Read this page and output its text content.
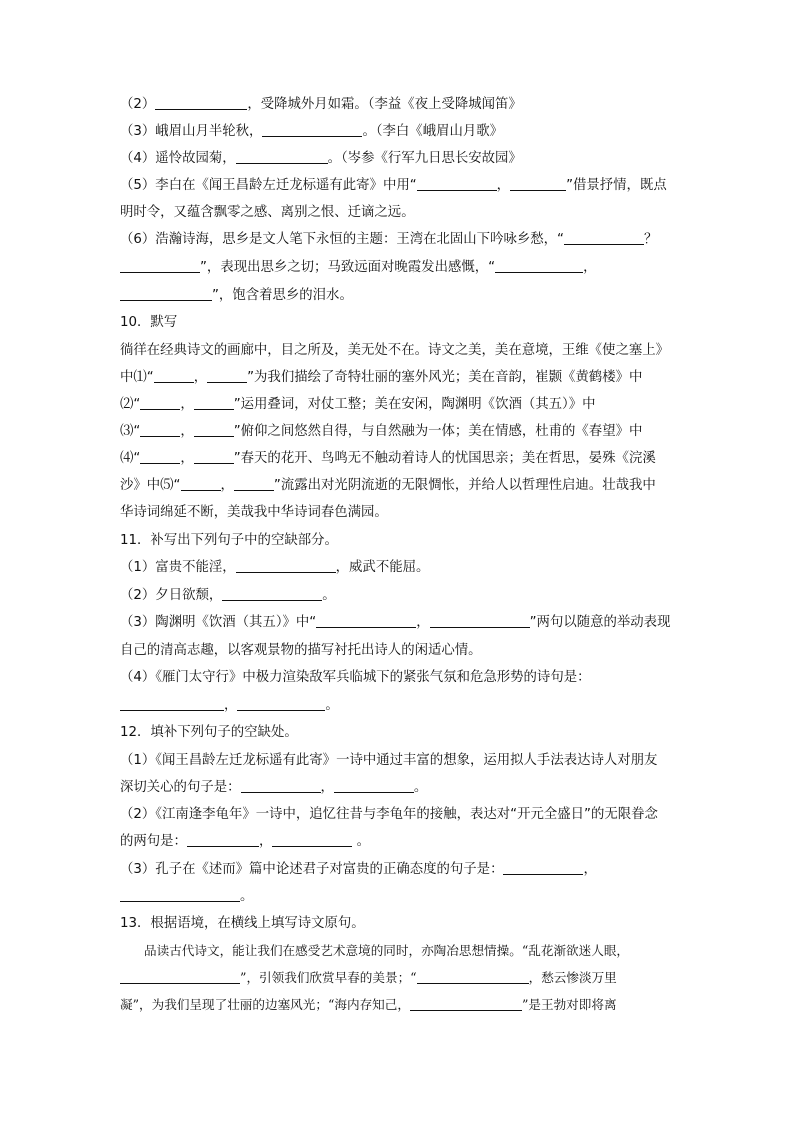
（2）	，受降城外月如霜。（李益《夜上受降城闻笛》
（3）峨眉山月半轮秋，	。（李白《峨眉山月歌》
（4）遥怜故园菊，	。（岑参《行军九日思长安故园》
（5）李白在《闻王昌龄左迁龙标遥有此寄》中用“	，	”借景抒情，既点
明时令，又蕴含飘零之感、离别之恨、迁谪之远。
（6）浩瀚诗海，思乡是文人笔下永恒的主题：王湾在北固山下吟咏乡愁，“	？
”，表现出思乡之切；马致远面对晚霞发出感慨，“	，
”，饱含着思乡的泪水。
10．默写
徜徉在经典诗文的画廊中，目之所及，美无处不在。诗文之美，美在意境，王维《使之塞上》
中⑴“	，	”为我们描绘了奇特壮丽的塞外风光；美在音韵，崔颢《黄鹤楼》中
⑵“	，	”运用叠词，对仗工整；美在安闲，陶渊明《饮酒（其五）》中
⑶“	，	”俯仰之间悠然自得，与自然融为一体；美在情感，杜甫的《春望》中
⑷“	，	”春天的花开、鸟鸣无不触动着诗人的忧国思亲；美在哲思，晏殊《浣溪
沙》中⑸“	，	”流露出对光阴流逝的无限惆怅，并给人以哲理性启迪。壮哉我中
华诗词绵延不断，美哉我中华诗词春色满园。
11．补写出下列句子中的空缺部分。
（1）富贵不能淫，	，威武不能屈。
（2）夕日欲颓，	。
（3）陶渊明《饮酒（其五）》中“	，	”两句以随意的举动表现
自己的清高志趣，以客观景物的描写衬托出诗人的闲适心情。
（4）《雁门太守行》中极力渲染敌军兵临城下的紧张气氛和危急形势的诗句是：
，	。
12．填补下列句子的空缺处。
（1）《闻王昌龄左迁龙标遥有此寄》一诗中通过丰富的想象，运用拟人手法表达诗人对朋友
深切关心的句子是：	，	。
（2）《江南逢李龟年》一诗中，追忆往昔与李龟年的接触，表达对“开元全盛日”的无限眷念
的两句是：	，	。
（3）孔子在《述而》篇中论述君子对富贵的正确态度的句子是：	，
。
13．根据语境，在横线上填写诗文原句。
品读古代诗文，能让我们在感受艺术意境的同时，亦陶冶思想情操。“乱花渐欲迷人眼，
”，引领我们欣赏早春的美景；“	，愁云惨淡万里
凝”，为我们呈现了壮丽的边塞风光；“海内存知己，	”是王勃对即将离
